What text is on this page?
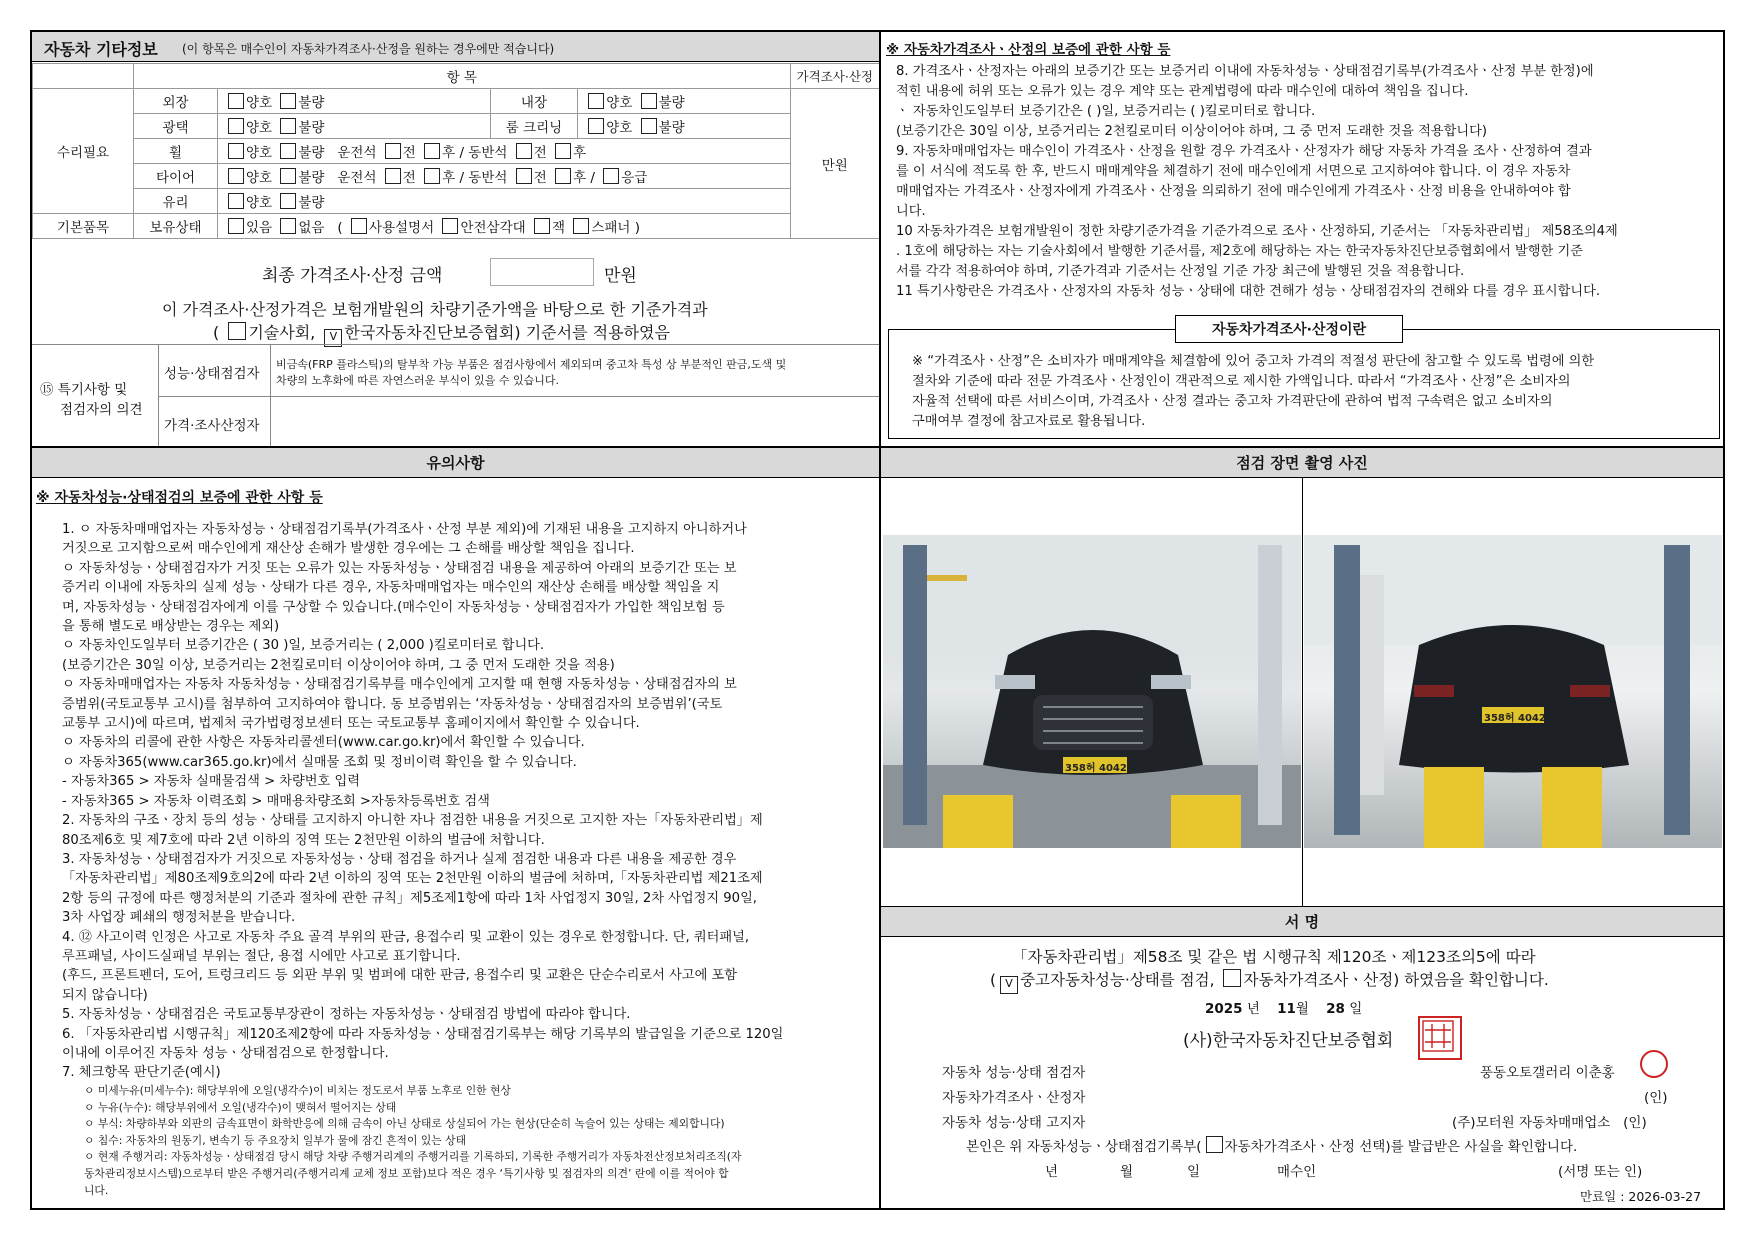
자동차 기타정보 (이 항목은 매수인이 자동차가격조사·산정을 원하는 경우에만 적습니다)
	항 목				가격조사·산정
수리필요	외장	양호 불량	내장	양호 불량	만원
	광택	양호 불량	룸 크리닝	양호 불량	
	휠	양호 불량 운전석 전 후 / 동반석 전 후			
	타이어	양호 불량 운전석 전 후 / 동반석 전 후 / 응급			
	유리	양호 불량			
기본품목	보유상태	있음 없음 ( 사용설명서 안전삼각대 잭 스패너 )			
최종 가격조사·산정 금액	만원
이 가격조사·산정가격은 보험개발원의 차량기준가액을 바탕으로 한 기준가격과
( 기술사회, V 한국자동차진단보증협회) 기준서를 적용하였음
⑮ 특기사항 및
점검자의 의견
성능·상태점검자
비금속(FRP 플라스틱)의 탈부착 가능 부품은 점검사항에서 제외되며 중고차 특성 상 부분적인 판금,도색 및
차량의 노후화에 따른 자연스러운 부식이 있을 수 있습니다.
가격·조사산정자
※ 자동차가격조사ㆍ산정의 보증에 관한 사항 등
8. 가격조사ㆍ산정자는 아래의 보증기간 또는 보증거리 이내에 자동차성능ㆍ상태점검기록부(가격조사ㆍ산정 부분 한정)에
적힌 내용에 허위 또는 오류가 있는 경우 계약 또는 관계법령에 따라 매수인에 대하여 책임을 집니다.
ㆍ 자동차인도일부터 보증기간은 ( )일, 보증거리는 ( )킬로미터로 합니다.
(보증기간은 30일 이상, 보증거리는 2천킬로미터 이상이어야 하며, 그 중 먼저 도래한 것을 적용합니다)
9. 자동차매매업자는 매수인이 가격조사ㆍ산정을 원할 경우 가격조사ㆍ산정자가 해당 자동차 가격을 조사ㆍ산정하여 결과
를 이 서식에 적도록 한 후, 반드시 매매계약을 체결하기 전에 매수인에게 서면으로 고지하여야 합니다. 이 경우 자동차
매매업자는 가격조사ㆍ산정자에게 가격조사ㆍ산정을 의뢰하기 전에 매수인에게 가격조사ㆍ산정 비용을 안내하여야 합
니다.
10 자동차가격은 보험개발원이 정한 차량기준가격을 기준가격으로 조사ㆍ산정하되, 기준서는 「자동차관리법」 제58조의4제
. 1호에 해당하는 자는 기술사회에서 발행한 기준서를, 제2호에 해당하는 자는 한국자동차진단보증협회에서 발행한 기준
서를 각각 적용하여야 하며, 기준가격과 기준서는 산정일 기준 가장 최근에 발행된 것을 적용합니다.
11 특기사항란은 가격조사ㆍ산정자의 자동차 성능ㆍ상태에 대한 견해가 성능ㆍ상태점검자의 견해와 다를 경우 표시합니다.
자동차가격조사·산정이란
※ “가격조사ㆍ산정”은 소비자가 매매계약을 체결함에 있어 중고차 가격의 적절성 판단에 참고할 수 있도록 법령에 의한
절차와 기준에 따라 전문 가격조사ㆍ산정인이 객관적으로 제시한 가액입니다. 따라서 “가격조사ㆍ산정”은 소비자의
자율적 선택에 따른 서비스이며, 가격조사ㆍ산정 결과는 중고차 가격판단에 관하여 법적 구속력은 없고 소비자의
구매여부 결정에 참고자료로 활용됩니다.
유의사항
※ 자동차성능·상태점검의 보증에 관한 사항 등
1. ㅇ 자동차매매업자는 자동차성능ㆍ상태점검기록부(가격조사ㆍ산정 부분 제외)에 기재된 내용을 고지하지 아니하거나
거짓으로 고지함으로써 매수인에게 재산상 손해가 발생한 경우에는 그 손해를 배상할 책임을 집니다.
ㅇ 자동차성능ㆍ상태점검자가 거짓 또는 오류가 있는 자동차성능ㆍ상태점검 내용을 제공하여 아래의 보증기간 또는 보
증거리 이내에 자동차의 실제 성능ㆍ상태가 다른 경우, 자동차매매업자는 매수인의 재산상 손해를 배상할 책임을 지
며, 자동차성능ㆍ상태점검자에게 이를 구상할 수 있습니다.(매수인이 자동차성능ㆍ상태점검자가 가입한 책임보험 등
을 통해 별도로 배상받는 경우는 제외)
ㅇ 자동차인도일부터 보증기간은 ( 30 )일, 보증거리는 ( 2,000 )킬로미터로 합니다.
(보증기간은 30일 이상, 보증거리는 2천킬로미터 이상이어야 하며, 그 중 먼저 도래한 것을 적용)
ㅇ 자동차매매업자는 자동차 자동차성능ㆍ상태점검기록부를 매수인에게 고지할 때 현행 자동차성능ㆍ상태점검자의 보
증범위(국토교통부 고시)를 첨부하여 고지하여야 합니다. 동 보증범위는 ‘자동차성능ㆍ상태점검자의 보증범위’(국토
교통부 고시)에 따르며, 법제처 국가법령정보센터 또는 국토교통부 홈페이지에서 확인할 수 있습니다.
ㅇ 자동차의 리콜에 관한 사항은 자동차리콜센터(www.car.go.kr)에서 확인할 수 있습니다.
ㅇ 자동차365(www.car365.go.kr)에서 실매물 조회 및 정비이력 확인을 할 수 있습니다.
- 자동차365 > 자동차 실매물검색 > 차량번호 입력
- 자동차365 > 자동차 이력조회 > 매매용차량조회 >자동차등록번호 검색
2. 자동차의 구조ㆍ장치 등의 성능ㆍ상태를 고지하지 아니한 자나 점검한 내용을 거짓으로 고지한 자는「자동차관리법」제
80조제6호 및 제7호에 따라 2년 이하의 징역 또는 2천만원 이하의 벌금에 처합니다.
3. 자동차성능ㆍ상태점검자가 거짓으로 자동차성능ㆍ상태 점검을 하거나 실제 점검한 내용과 다른 내용을 제공한 경우
「자동차관리법」제80조제9호의2에 따라 2년 이하의 징역 또는 2천만원 이하의 벌금에 처하며,「자동차관리법 제21조제
2항 등의 규정에 따른 행정처분의 기준과 절차에 관한 규칙」제5조제1항에 따라 1차 사업정지 30일, 2차 사업정지 90일,
3차 사업장 폐쇄의 행정처분을 받습니다.
4. ⑫ 사고이력 인정은 사고로 자동차 주요 골격 부위의 판금, 용접수리 및 교환이 있는 경우로 한정합니다. 단, 쿼터패널,
루프패널, 사이드실패널 부위는 절단, 용접 시에만 사고로 표기합니다.
(후드, 프론트펜더, 도어, 트렁크리드 등 외판 부위 및 범퍼에 대한 판금, 용접수리 및 교환은 단순수리로서 사고에 포함
되지 않습니다)
5. 자동차성능ㆍ상태점검은 국토교통부장관이 정하는 자동차성능ㆍ상태점검 방법에 따라야 합니다.
6. 「자동차관리법 시행규칙」제120조제2항에 따라 자동차성능ㆍ상태점검기록부는 해당 기록부의 발급일을 기준으로 120일
이내에 이루어진 자동차 성능ㆍ상태점검으로 한정합니다.
7. 체크항목 판단기준(예시)
ㅇ 미세누유(미세누수): 해당부위에 오일(냉각수)이 비치는 정도로서 부품 노후로 인한 현상
ㅇ 누유(누수): 해당부위에서 오일(냉각수)이 맺혀서 떨어지는 상태
ㅇ 부식: 차량하부와 외판의 금속표면이 화학반응에 의해 금속이 아닌 상태로 상실되어 가는 현상(단순히 녹슬어 있는 상태는 제외합니다)
ㅇ 침수: 자동차의 원동기, 변속기 등 주요장치 일부가 물에 잠긴 흔적이 있는 상태
ㅇ 현재 주행거리: 자동차성능ㆍ상태점검 당시 해당 차량 주행거리계의 주행거리를 기록하되, 기록한 주행거리가 자동차전산정보처리조직(자
동차관리정보시스템)으로부터 받은 주행거리(주행거리계 교체 정보 포함)보다 적은 경우 ‘특기사항 및 점검자의 의견’ 란에 이를 적어야 합
니다.
점검 장면 촬영 사진
358허 4042
358허 4042
서 명
「자동차관리법」제58조 및 같은 법 시행규칙 제120조ㆍ제123조의5에 따라
( V 중고자동차성능·상태를 점검, 자동차가격조사ㆍ산정) 하였음을 확인합니다.
2025 년 11월 28 일
(사)한국자동차진단보증협회
자동차 성능·상태 점검자	풍동오토갤러리 이춘홍
자동차가격조사ㆍ산정자	(인)
자동차 성능·상태 고지자	(주)모터원 자동차매매업소   (인)
본인은 위 자동차성능ㆍ상태점검기록부( 자동차가격조사ㆍ산정 선택)를 발급받은 사실을 확인합니다.
년	월	일	매수인	(서명 또는 인)
만료일 : 2026-03-27
